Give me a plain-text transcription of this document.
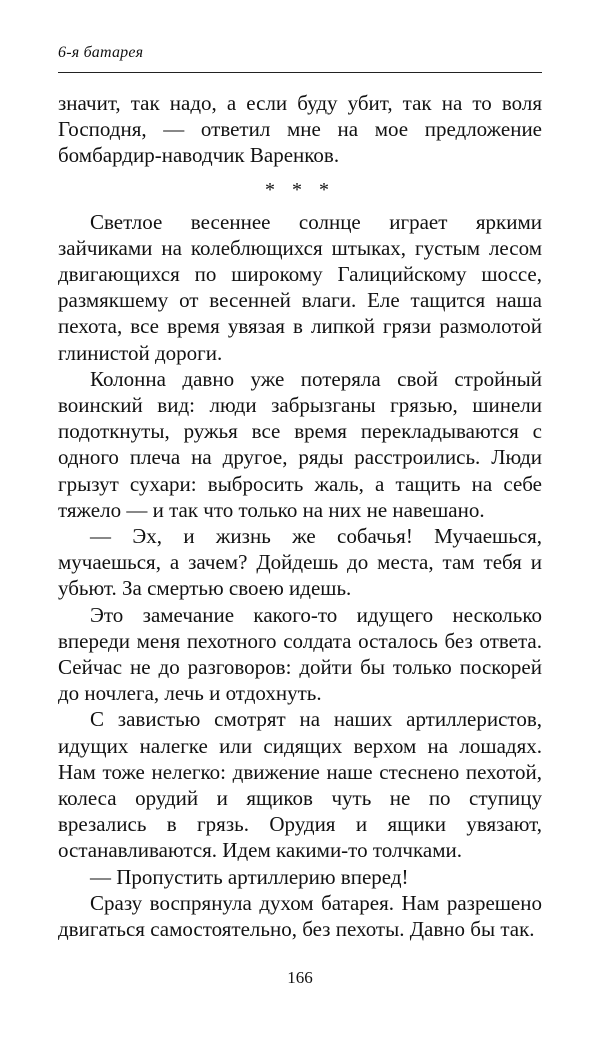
6-я батарея

значит, так надо, а если буду убит, так на то воля Господня, — ответил мне на мое предложение бомбардир-наводчик Варенков.

* * *

Светлое весеннее солнце играет яркими зайчиками на колеблющихся штыках, густым лесом двигающихся по широкому Галицийскому шоссе, размякшему от весенней влаги. Еле тащится наша пехота, все время увязая в липкой грязи размолотой глинистой дороги.

Колонна давно уже потеряла свой стройный воинский вид: люди забрызганы грязью, шинели подоткнуты, ружья все время перекладываются с одного плеча на другое, ряды расстроились. Люди грызут сухари: выбросить жаль, а тащить на себе тяжело — и так что только на них не навешано.

— Эх, и жизнь же собачья! Мучаешься, мучаешься, а зачем? Дойдешь до места, там тебя и убьют. За смертью своею идешь.

Это замечание какого-то идущего несколько впереди меня пехотного солдата осталось без ответа. Сейчас не до разговоров: дойти бы только поскорей до ночлега, лечь и отдохнуть.

С завистью смотрят на наших артиллеристов, идущих налегке или сидящих верхом на лошадях. Нам тоже нелегко: движение наше стеснено пехотой, колеса орудий и ящиков чуть не по ступицу врезались в грязь. Орудия и ящики увязают, останавливаются. Идем какими-то толчками.

— Пропустить артиллерию вперед!

Сразу воспрянула духом батарея. Нам разрешено двигаться самостоятельно, без пехоты. Давно бы так.

166
